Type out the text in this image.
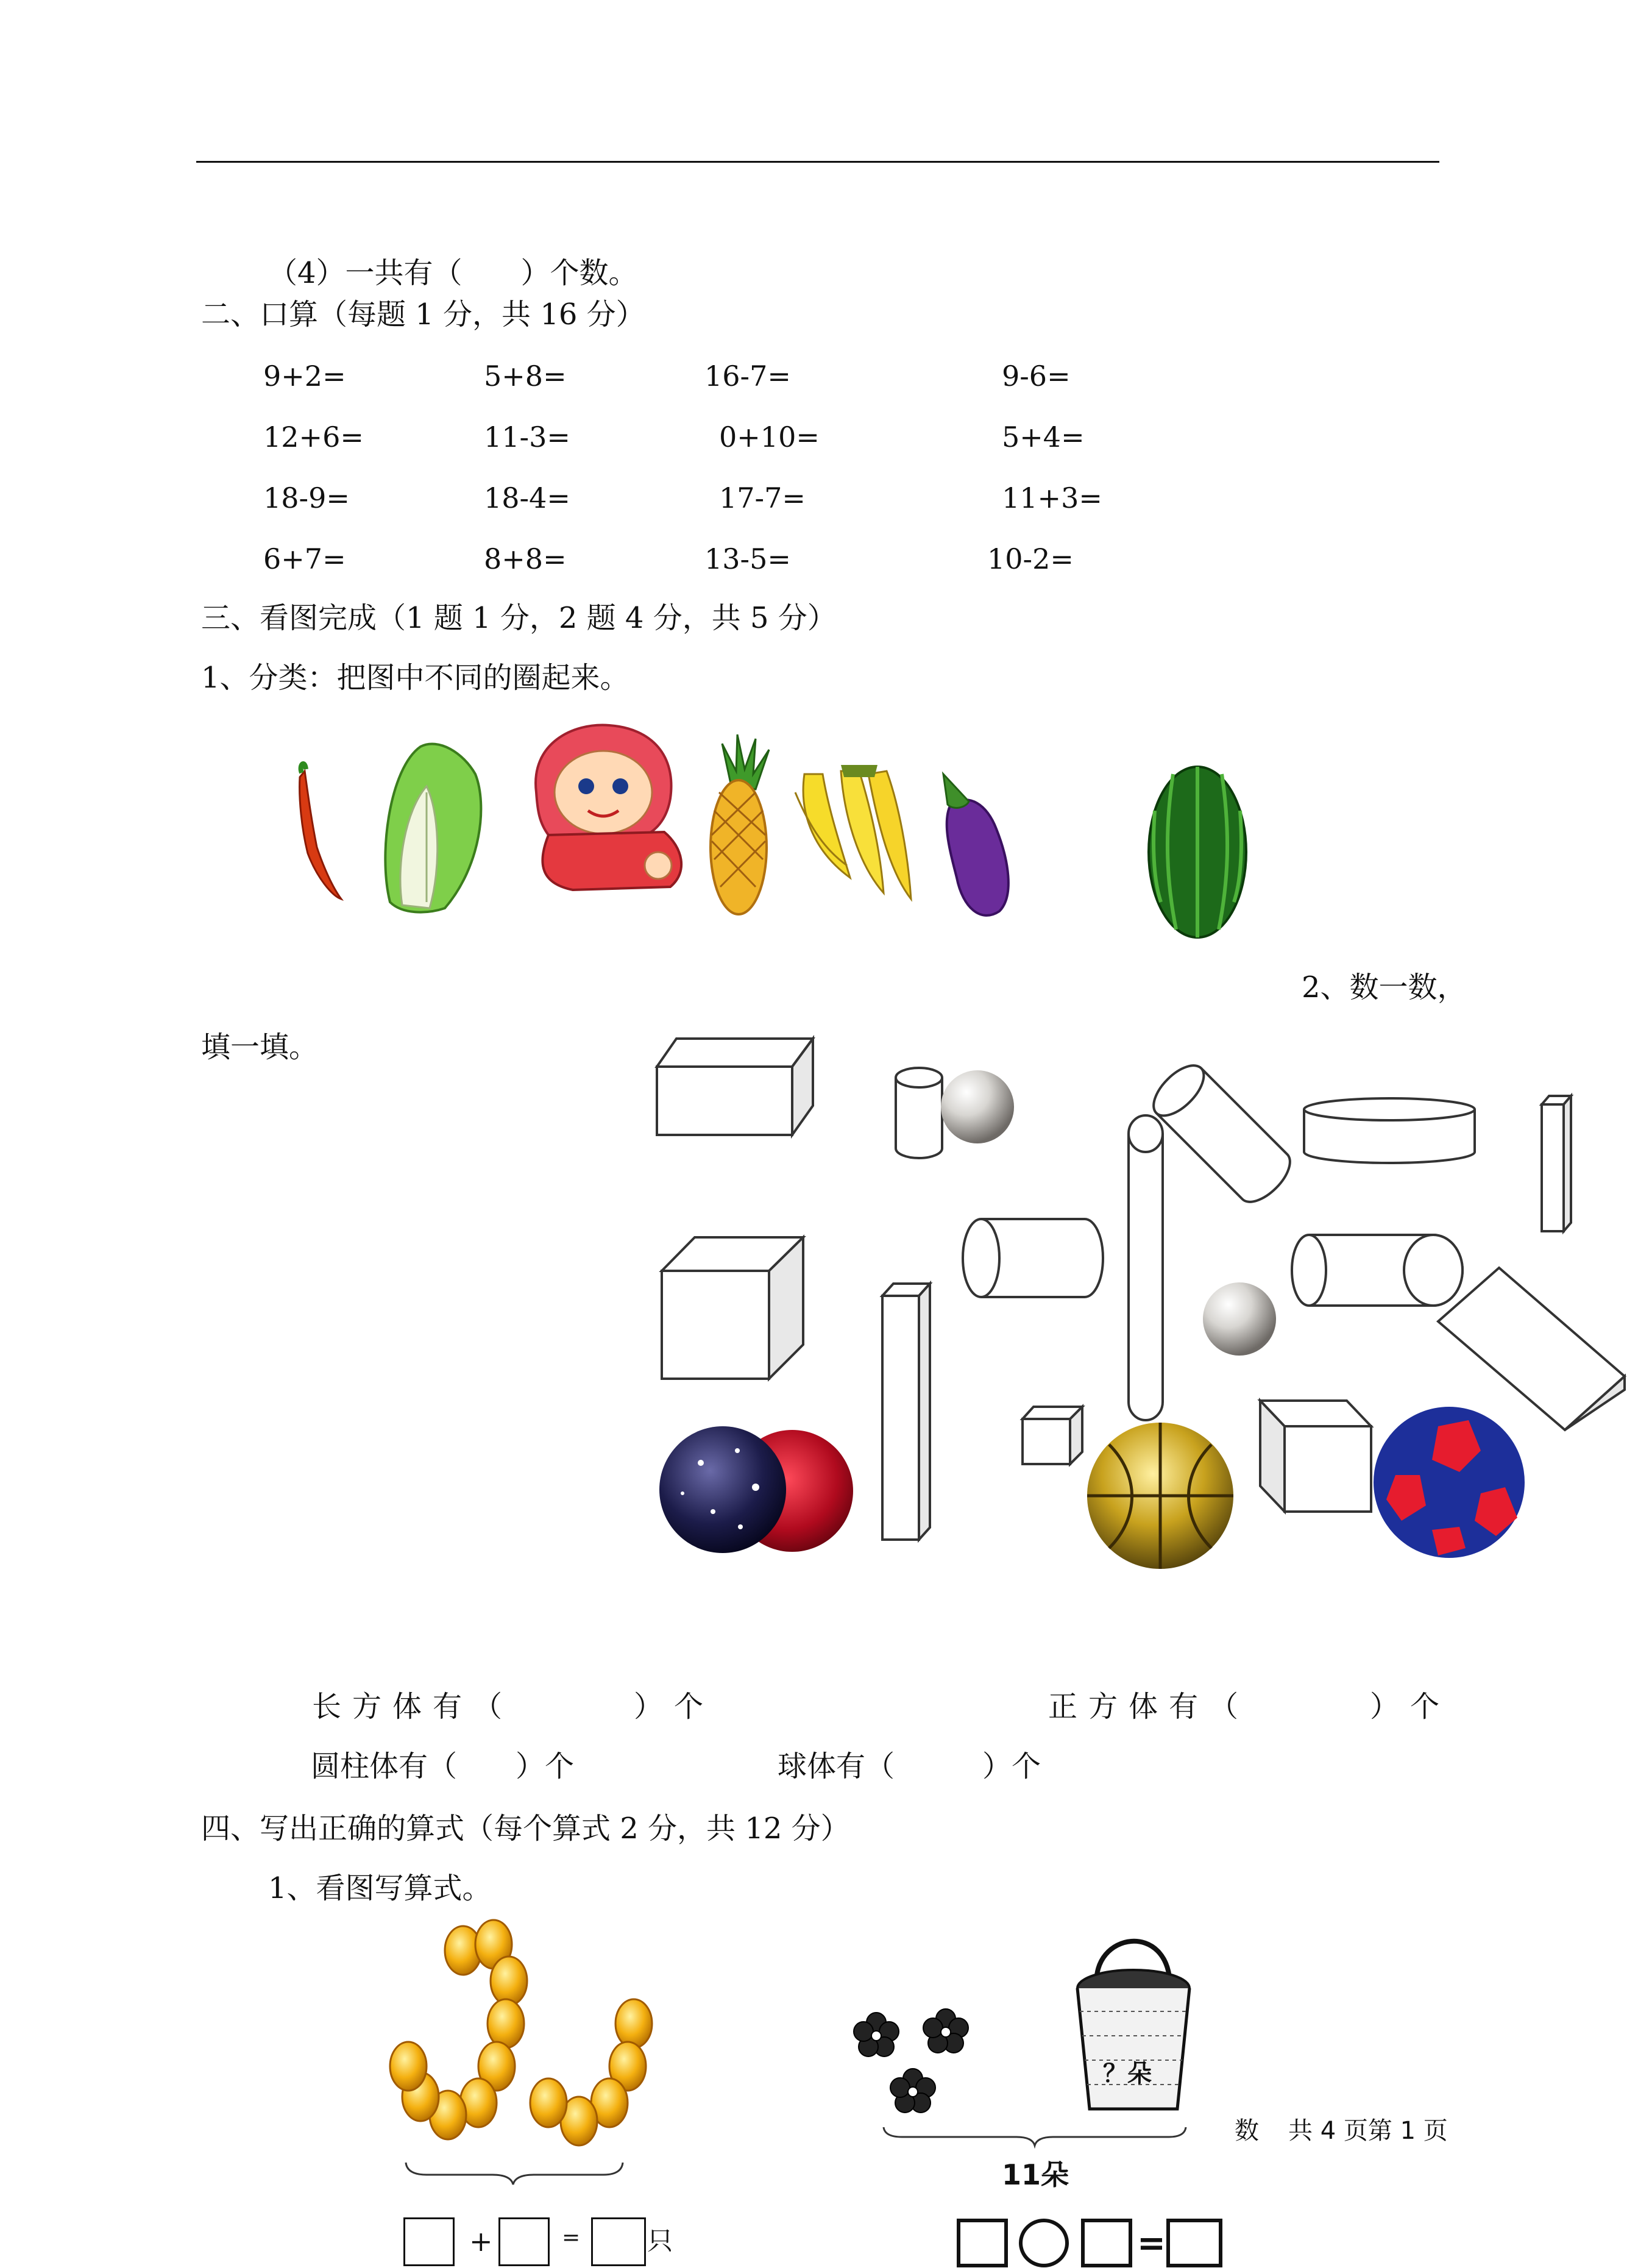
（4）一共有（　　）个数。
二、口算（每题 1 分，共 16 分）
9+2=	5+8=	16-7=	9-6=
12+6=	11-3=	0+10=	5+4=
18-9=	18-4=	17-7=	11+3=
6+7=	8+8=	13-5=	10-2=
三、看图完成（1 题 1 分，2 题 4 分，共 5 分）
1、分类：把图中不同的圈起来。
2、数一数，
填一填。
长方体有（　　　）个	正方体有（　　　）个
圆柱体有（　　）个	球体有（　　　）个
四、写出正确的算式（每个算式 2 分，共 12 分）
1、看图写算式。
+	=	只
？朵
11朵
=
数 共 4 页第 1 页
